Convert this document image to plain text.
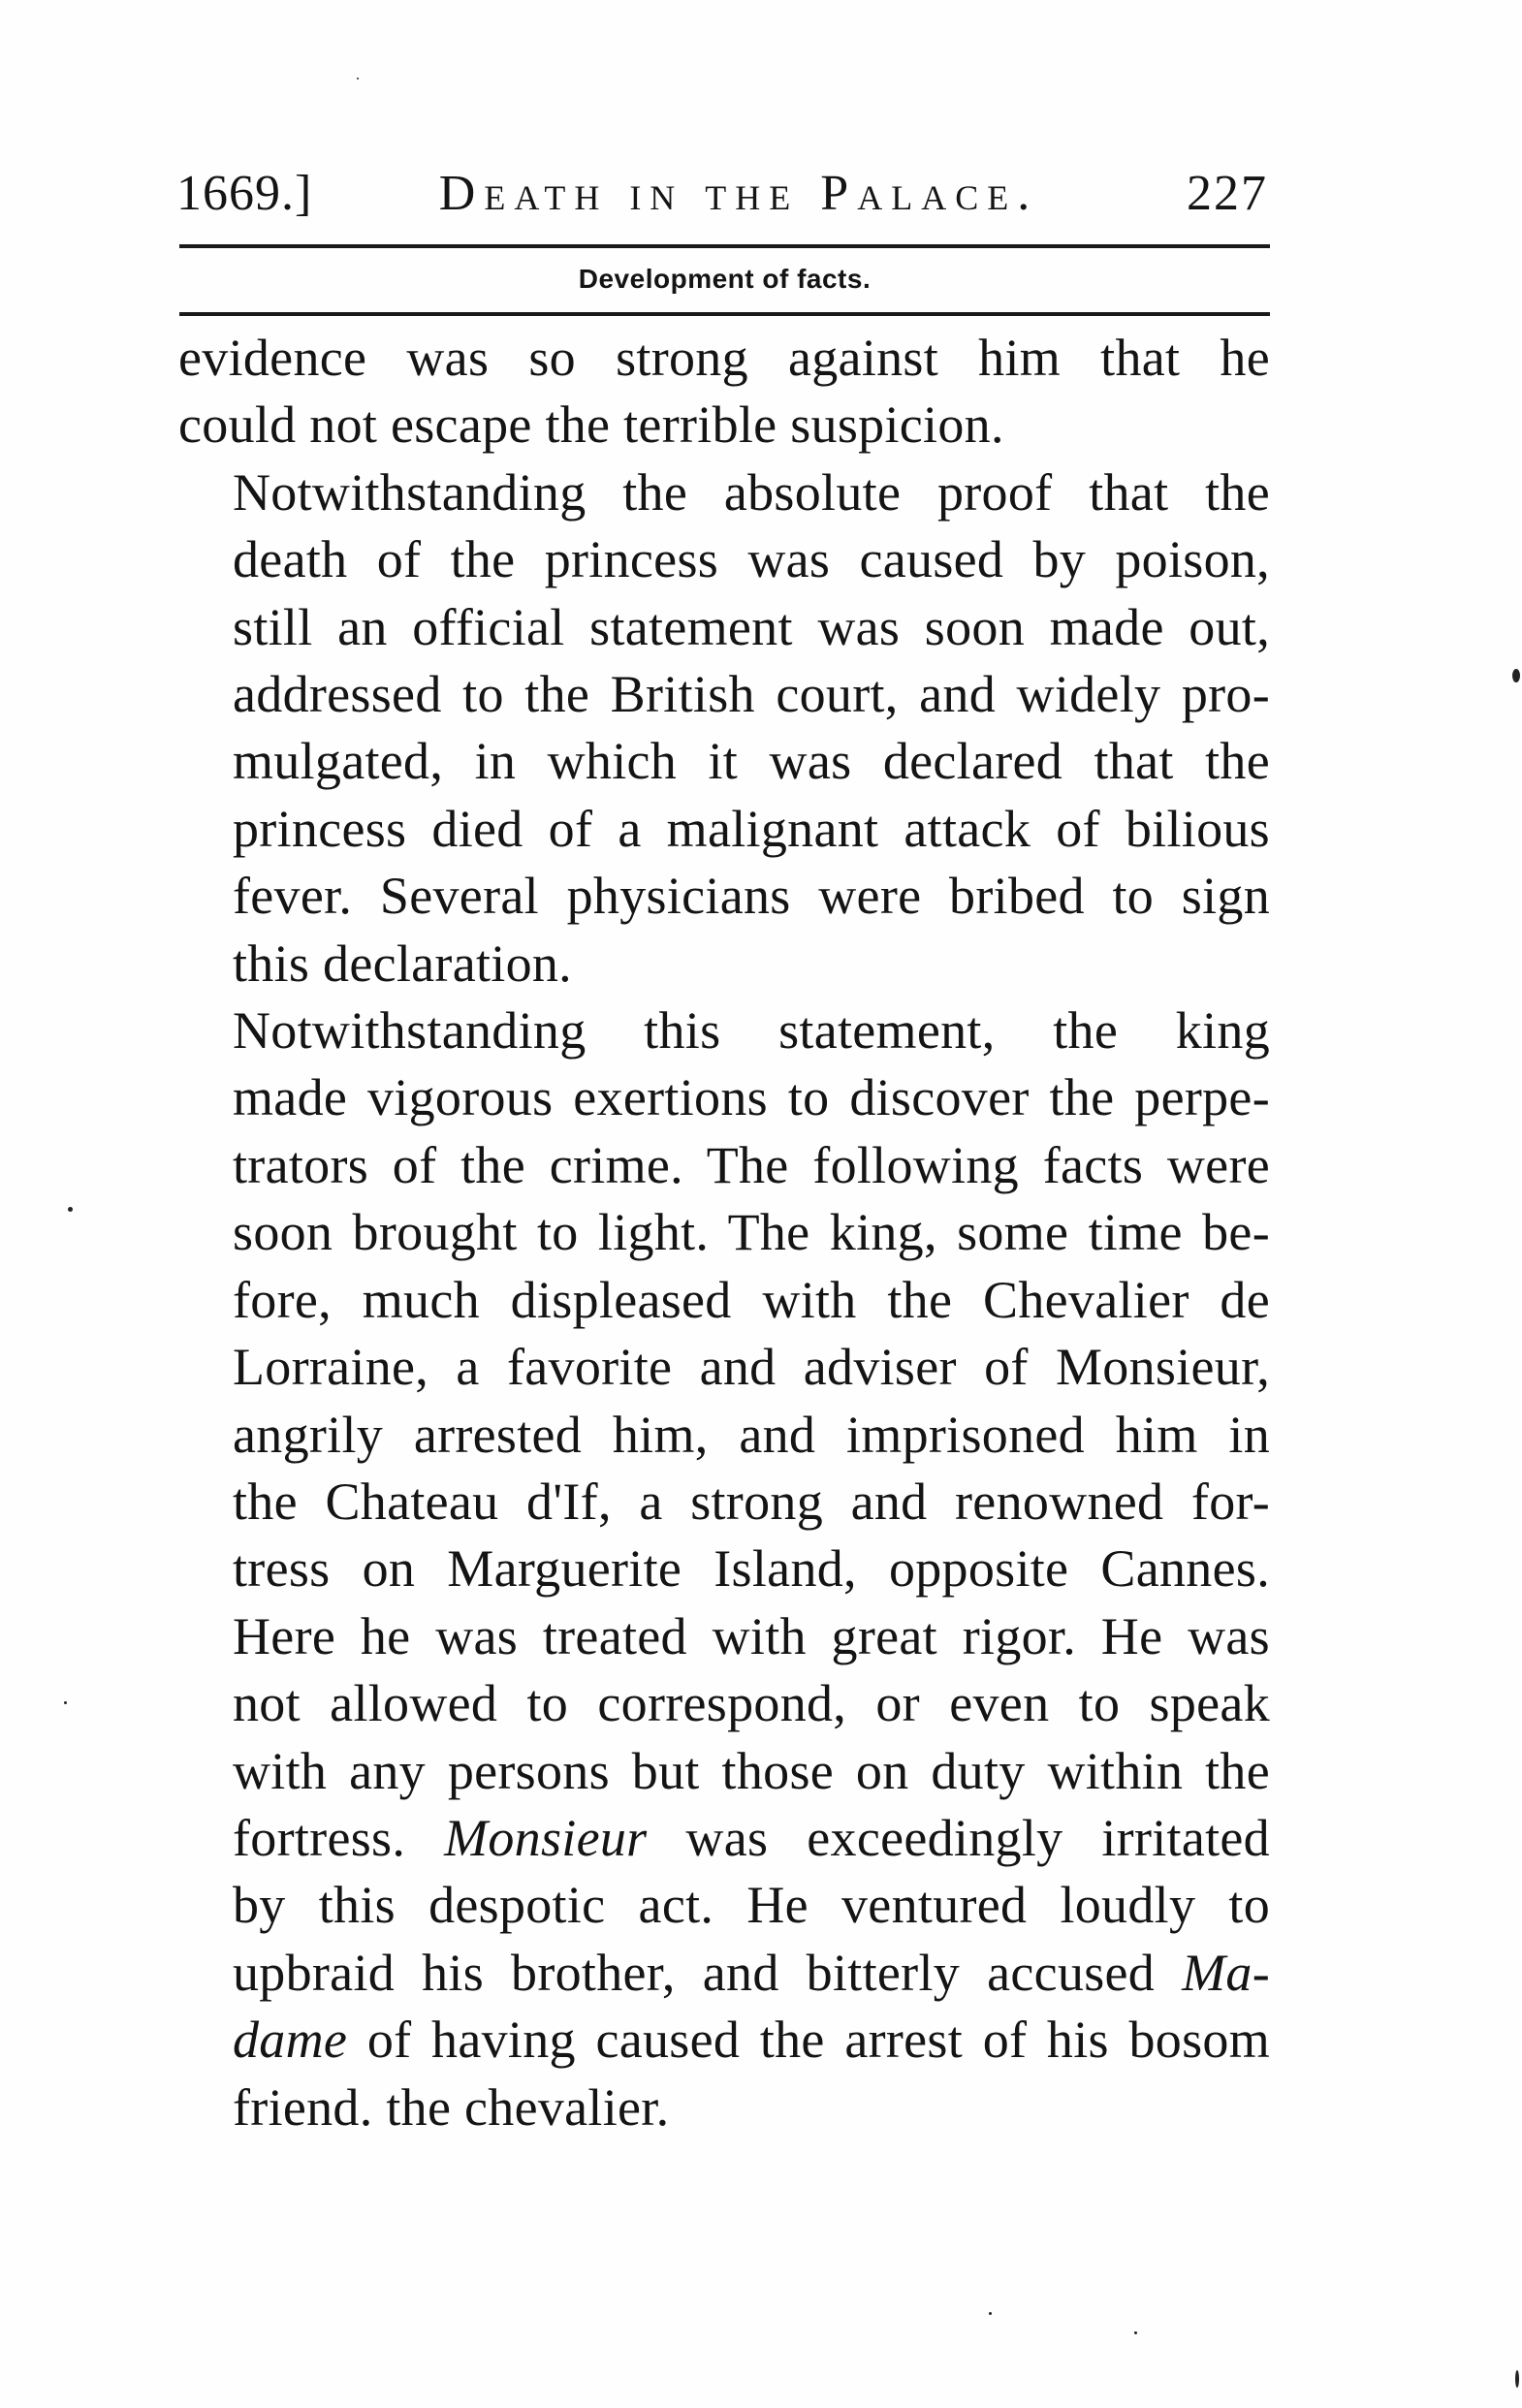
1669.]	Death in the Palace.	227
Development of facts.

evidence was so strong against him that he
could not escape the terrible suspicion.

Notwithstanding the absolute proof that the
death of the princess was caused by poison,
still an official statement was soon made out,
addressed to the British court, and widely pro-
mulgated, in which it was declared that the
princess died of a malignant attack of bilious
fever. Several physicians were bribed to sign
this declaration.

Notwithstanding this statement, the king
made vigorous exertions to discover the perpe-
trators of the crime. The following facts were
soon brought to light. The king, some time be-
fore, much displeased with the Chevalier de
Lorraine, a favorite and adviser of Monsieur,
angrily arrested him, and imprisoned him in
the Chateau d'If, a strong and renowned for-
tress on Marguerite Island, opposite Cannes.
Here he was treated with great rigor. He was
not allowed to correspond, or even to speak
with any persons but those on duty within the
fortress. Monsieur was exceedingly irritated
by this despotic act. He ventured loudly to
upbraid his brother, and bitterly accused Ma-
dame of having caused the arrest of his bosom
friend. the chevalier.
